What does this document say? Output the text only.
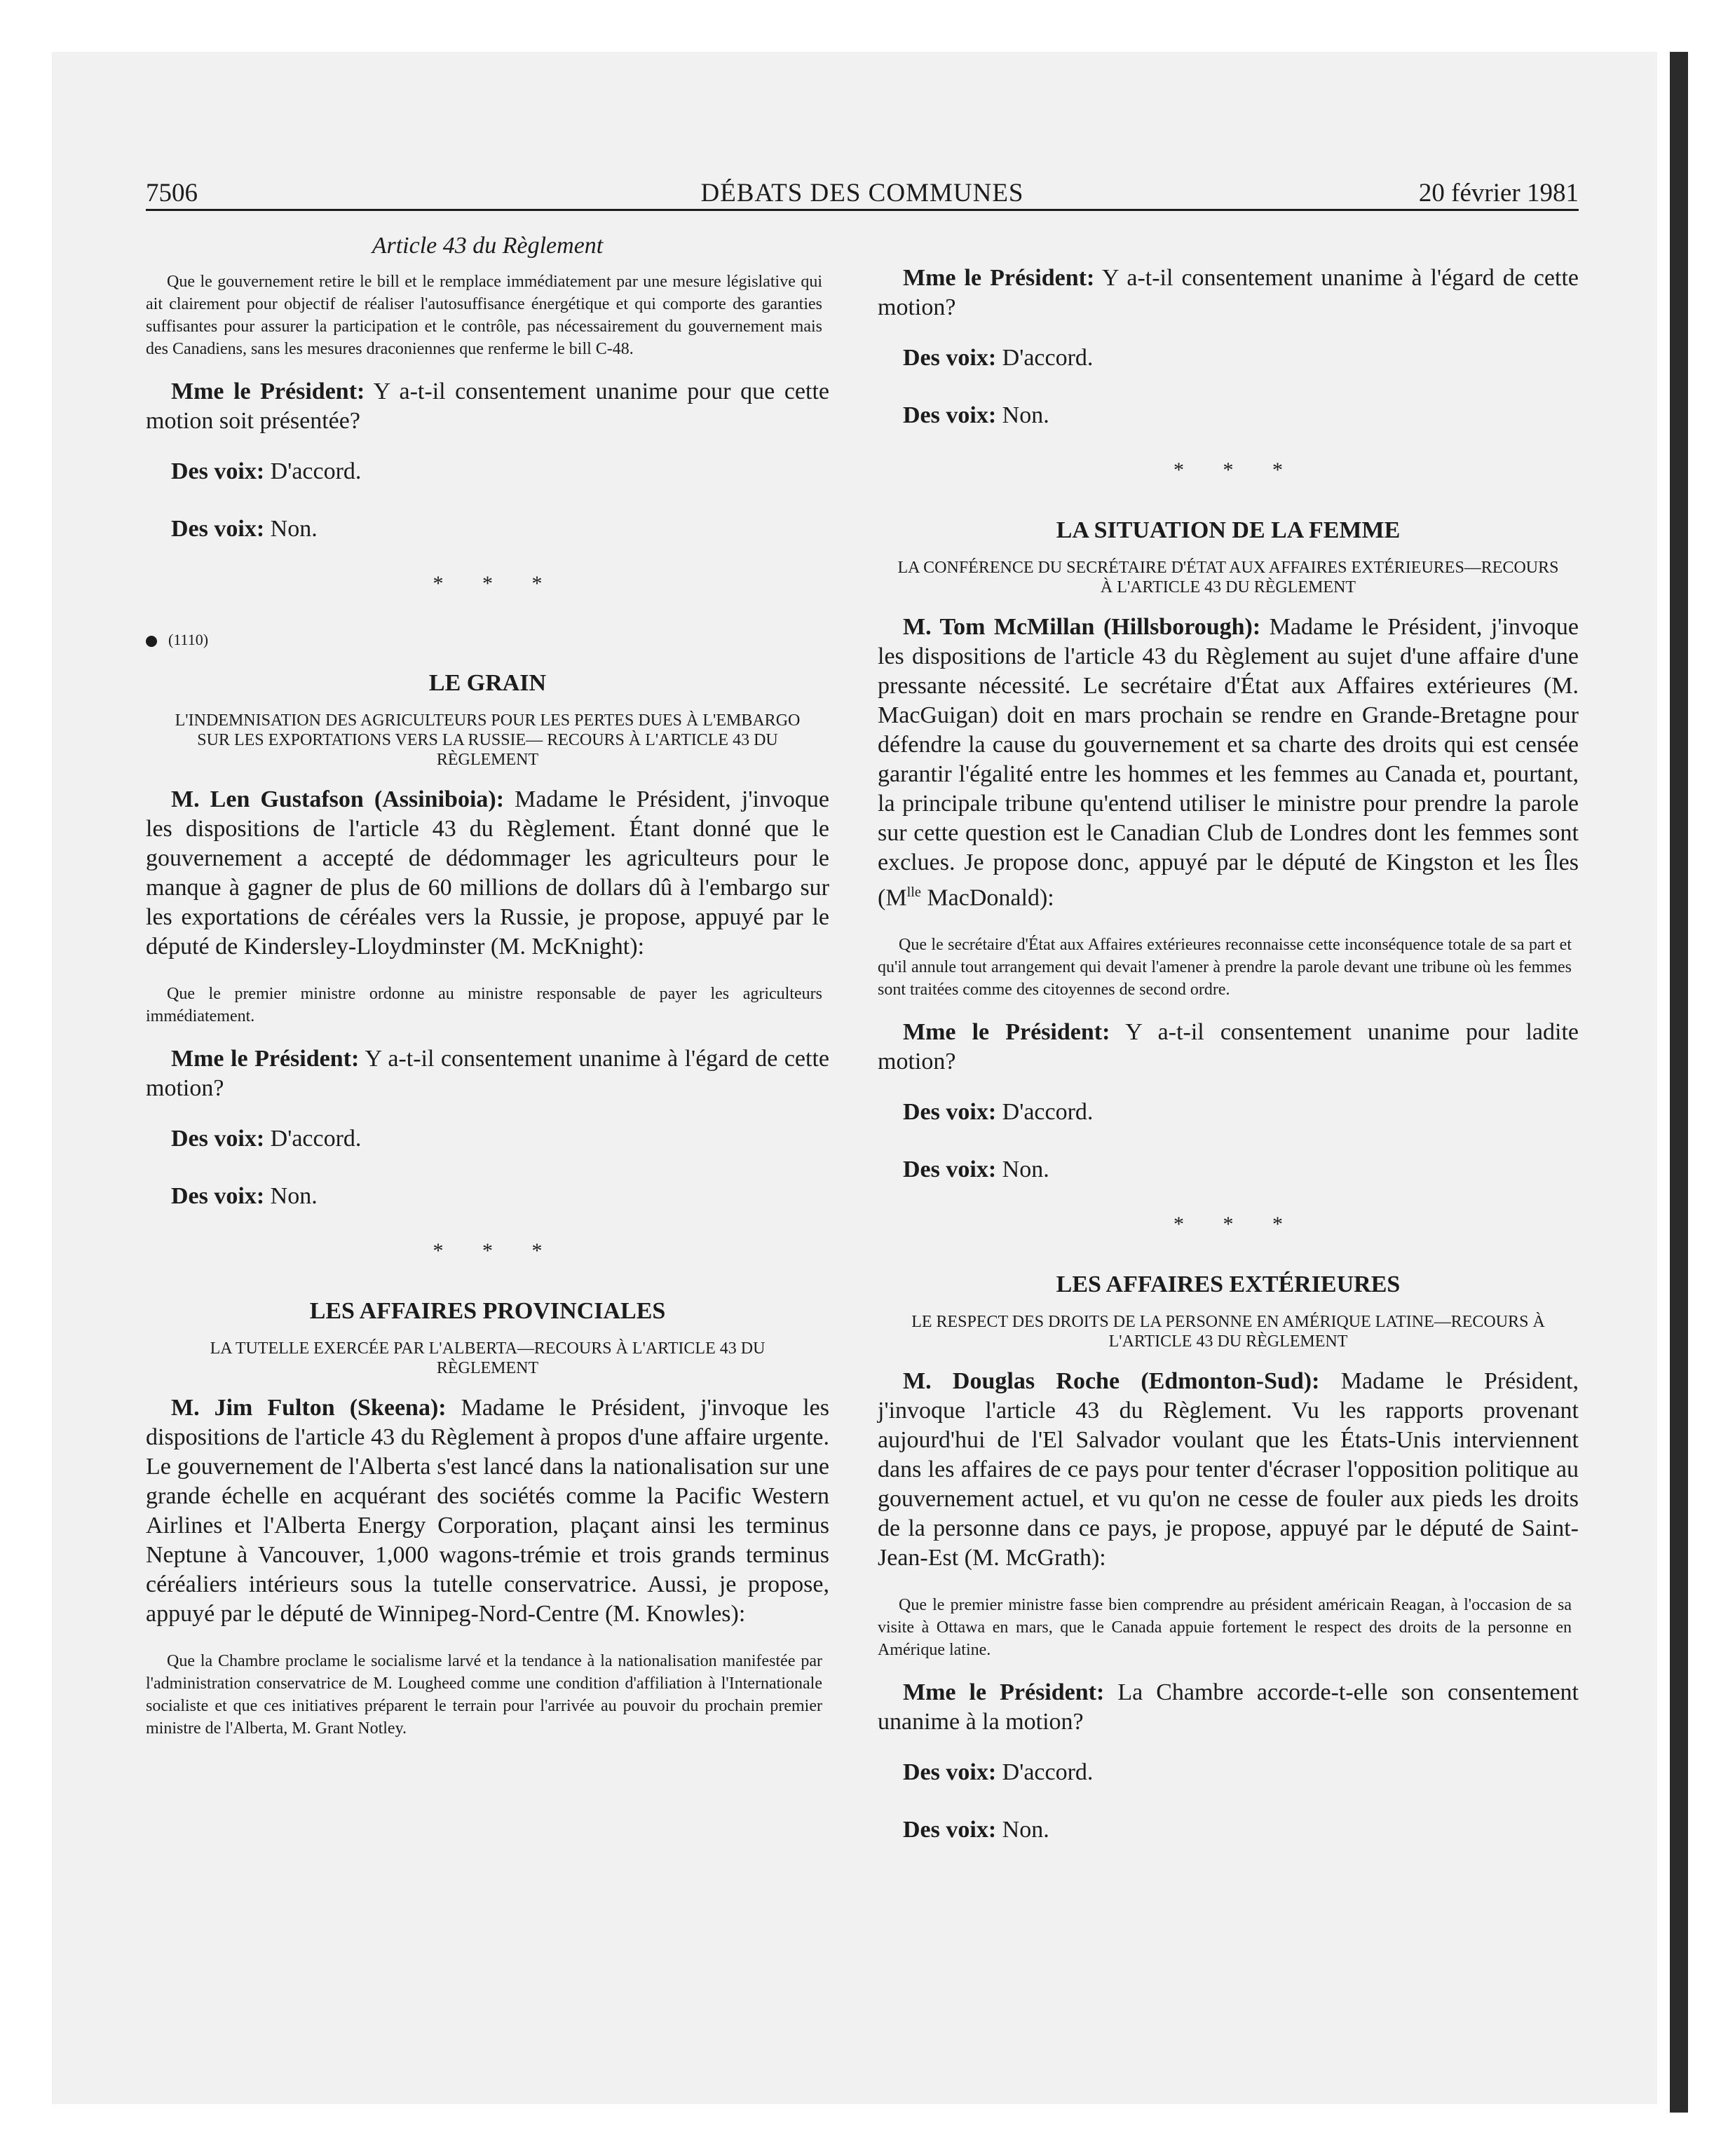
7506	DÉBATS DES COMMUNES	20 février 1981

Article 43 du Règlement

Que le gouvernement retire le bill et le remplace immédiatement par une mesure législative qui ait clairement pour objectif de réaliser l'autosuffisance énergétique et qui comporte des garanties suffisantes pour assurer la participation et le contrôle, pas nécessairement du gouvernement mais des Canadiens, sans les mesures draconiennes que renferme le bill C-48.

Mme le Président: Y a-t-il consentement unanime pour que cette motion soit présentée?

Des voix: D'accord.

Des voix: Non.

* * *

(1110)

LE GRAIN

L'INDEMNISATION DES AGRICULTEURS POUR LES PERTES DUES À L'EMBARGO SUR LES EXPORTATIONS VERS LA RUSSIE— RECOURS À L'ARTICLE 43 DU RÈGLEMENT

M. Len Gustafson (Assiniboia): Madame le Président, j'invoque les dispositions de l'article 43 du Règlement. Étant donné que le gouvernement a accepté de dédommager les agriculteurs pour le manque à gagner de plus de 60 millions de dollars dû à l'embargo sur les exportations de céréales vers la Russie, je propose, appuyé par le député de Kindersley-Lloydminster (M. McKnight):

Que le premier ministre ordonne au ministre responsable de payer les agriculteurs immédiatement.

Mme le Président: Y a-t-il consentement unanime à l'égard de cette motion?

Des voix: D'accord.

Des voix: Non.

* * *

LES AFFAIRES PROVINCIALES

LA TUTELLE EXERCÉE PAR L'ALBERTA—RECOURS À L'ARTICLE 43 DU RÈGLEMENT

M. Jim Fulton (Skeena): Madame le Président, j'invoque les dispositions de l'article 43 du Règlement à propos d'une affaire urgente. Le gouvernement de l'Alberta s'est lancé dans la nationalisation sur une grande échelle en acquérant des sociétés comme la Pacific Western Airlines et l'Alberta Energy Corporation, plaçant ainsi les terminus Neptune à Vancouver, 1,000 wagons-trémie et trois grands terminus céréaliers intérieurs sous la tutelle conservatrice. Aussi, je propose, appuyé par le député de Winnipeg-Nord-Centre (M. Knowles):

Que la Chambre proclame le socialisme larvé et la tendance à la nationalisation manifestée par l'administration conservatrice de M. Lougheed comme une condition d'affiliation à l'Internationale socialiste et que ces initiatives préparent le terrain pour l'arrivée au pouvoir du prochain premier ministre de l'Alberta, M. Grant Notley.

Mme le Président: Y a-t-il consentement unanime à l'égard de cette motion?

Des voix: D'accord.

Des voix: Non.

* * *

LA SITUATION DE LA FEMME

LA CONFÉRENCE DU SECRÉTAIRE D'ÉTAT AUX AFFAIRES EXTÉRIEURES—RECOURS À L'ARTICLE 43 DU RÈGLEMENT

M. Tom McMillan (Hillsborough): Madame le Président, j'invoque les dispositions de l'article 43 du Règlement au sujet d'une affaire d'une pressante nécessité. Le secrétaire d'État aux Affaires extérieures (M. MacGuigan) doit en mars prochain se rendre en Grande-Bretagne pour défendre la cause du gouvernement et sa charte des droits qui est censée garantir l'égalité entre les hommes et les femmes au Canada et, pourtant, la principale tribune qu'entend utiliser le ministre pour prendre la parole sur cette question est le Canadian Club de Londres dont les femmes sont exclues. Je propose donc, appuyé par le député de Kingston et les Îles ($M^{lle}$ MacDonald):

Que le secrétaire d'État aux Affaires extérieures reconnaisse cette inconséquence totale de sa part et qu'il annule tout arrangement qui devait l'amener à prendre la parole devant une tribune où les femmes sont traitées comme des citoyennes de second ordre.

Mme le Président: Y a-t-il consentement unanime pour ladite motion?

Des voix: D'accord.

Des voix: Non.

* * *

LES AFFAIRES EXTÉRIEURES

LE RESPECT DES DROITS DE LA PERSONNE EN AMÉRIQUE LATINE—RECOURS À L'ARTICLE 43 DU RÈGLEMENT

M. Douglas Roche (Edmonton-Sud): Madame le Président, j'invoque l'article 43 du Règlement. Vu les rapports provenant aujourd'hui de l'El Salvador voulant que les États-Unis interviennent dans les affaires de ce pays pour tenter d'écraser l'opposition politique au gouvernement actuel, et vu qu'on ne cesse de fouler aux pieds les droits de la personne dans ce pays, je propose, appuyé par le député de Saint-Jean-Est (M. McGrath):

Que le premier ministre fasse bien comprendre au président américain Reagan, à l'occasion de sa visite à Ottawa en mars, que le Canada appuie fortement le respect des droits de la personne en Amérique latine.

Mme le Président: La Chambre accorde-t-elle son consentement unanime à la motion?

Des voix: D'accord.

Des voix: Non.
